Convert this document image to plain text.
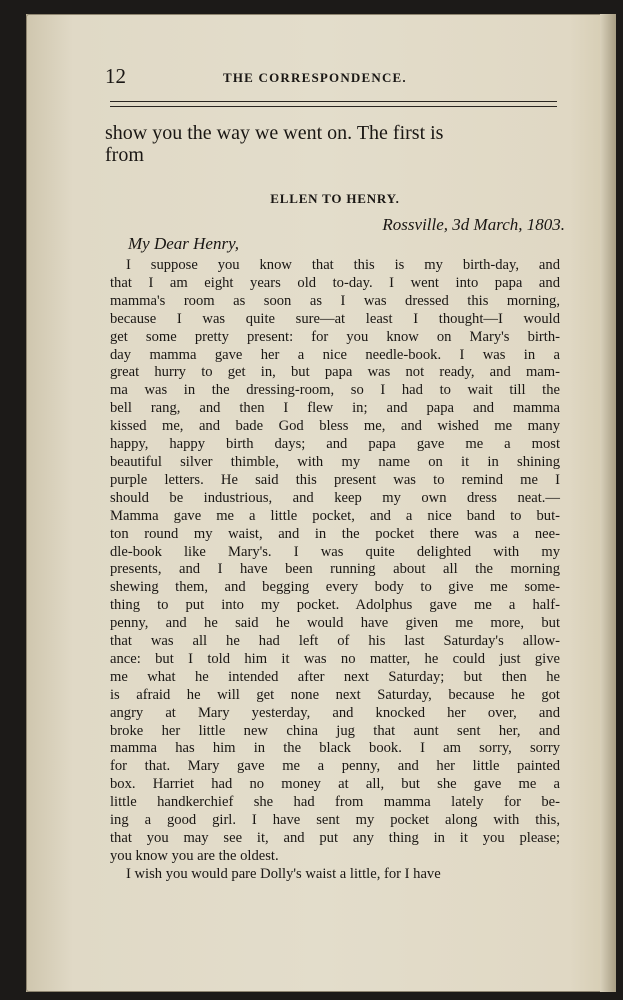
12	THE CORRESPONDENCE.
show you the way we went on. The first is
from
ELLEN TO HENRY.
Rossville, 3d March, 1803.
My Dear Henry,
I suppose you know that this is my birth-day, and
that I am eight years old to-day. I went into papa and
mamma's room as soon as I was dressed this morning,
because I was quite sure—at least I thought—I would
get some pretty present: for you know on Mary's birth-
day mamma gave her a nice needle-book. I was in a
great hurry to get in, but papa was not ready, and mam-
ma was in the dressing-room, so I had to wait till the
bell rang, and then I flew in; and papa and mamma
kissed me, and bade God bless me, and wished me many
happy, happy birth days; and papa gave me a most
beautiful silver thimble, with my name on it in shining
purple letters. He said this present was to remind me I
should be industrious, and keep my own dress neat.—
Mamma gave me a little pocket, and a nice band to but-
ton round my waist, and in the pocket there was a nee-
dle-book like Mary's. I was quite delighted with my
presents, and I have been running about all the morning
shewing them, and begging every body to give me some-
thing to put into my pocket. Adolphus gave me a half-
penny, and he said he would have given me more, but
that was all he had left of his last Saturday's allow-
ance: but I told him it was no matter, he could just give
me what he intended after next Saturday; but then he
is afraid he will get none next Saturday, because he got
angry at Mary yesterday, and knocked her over, and
broke her little new china jug that aunt sent her, and
mamma has him in the black book. I am sorry, sorry
for that. Mary gave me a penny, and her little painted
box. Harriet had no money at all, but she gave me a
little handkerchief she had from mamma lately for be-
ing a good girl. I have sent my pocket along with this,
that you may see it, and put any thing in it you please;
you know you are the oldest.
I wish you would pare Dolly's waist a little, for I have
